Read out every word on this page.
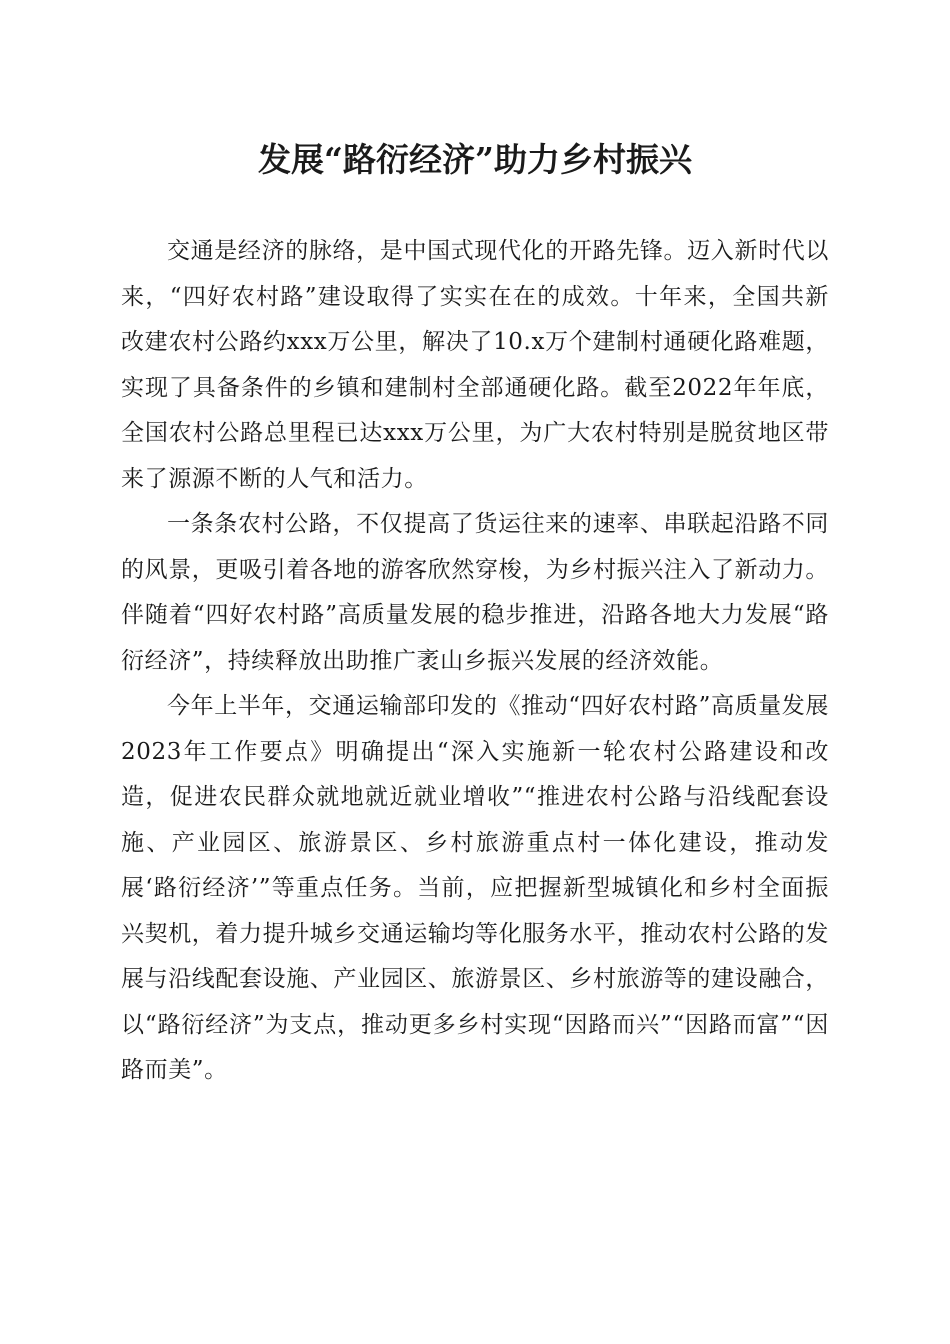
发展“路衍经济”助力乡村振兴

交通是经济的脉络，是中国式现代化的开路先锋。迈入新时代以来，“四好农村路”建设取得了实实在在的成效。十年来，全国共新改建农村公路约xxx万公里，解决了10.x万个建制村通硬化路难题，实现了具备条件的乡镇和建制村全部通硬化路。截至2022年年底，全国农村公路总里程已达xxx万公里，为广大农村特别是脱贫地区带来了源源不断的人气和活力。

一条条农村公路，不仅提高了货运往来的速率、串联起沿路不同的风景，更吸引着各地的游客欣然穿梭，为乡村振兴注入了新动力。伴随着“四好农村路”高质量发展的稳步推进，沿路各地大力发展“路衍经济”，持续释放出助推广袤山乡振兴发展的经济效能。

今年上半年，交通运输部印发的《推动“四好农村路”高质量发展2023年工作要点》明确提出“深入实施新一轮农村公路建设和改造，促进农民群众就地就近就业增收”“推进农村公路与沿线配套设施、产业园区、旅游景区、乡村旅游重点村一体化建设，推动发展‘路衍经济’”等重点任务。当前，应把握新型城镇化和乡村全面振兴契机，着力提升城乡交通运输均等化服务水平，推动农村公路的发展与沿线配套设施、产业园区、旅游景区、乡村旅游等的建设融合，以“路衍经济”为支点，推动更多乡村实现“因路而兴”“因路而富”“因路而美”。
